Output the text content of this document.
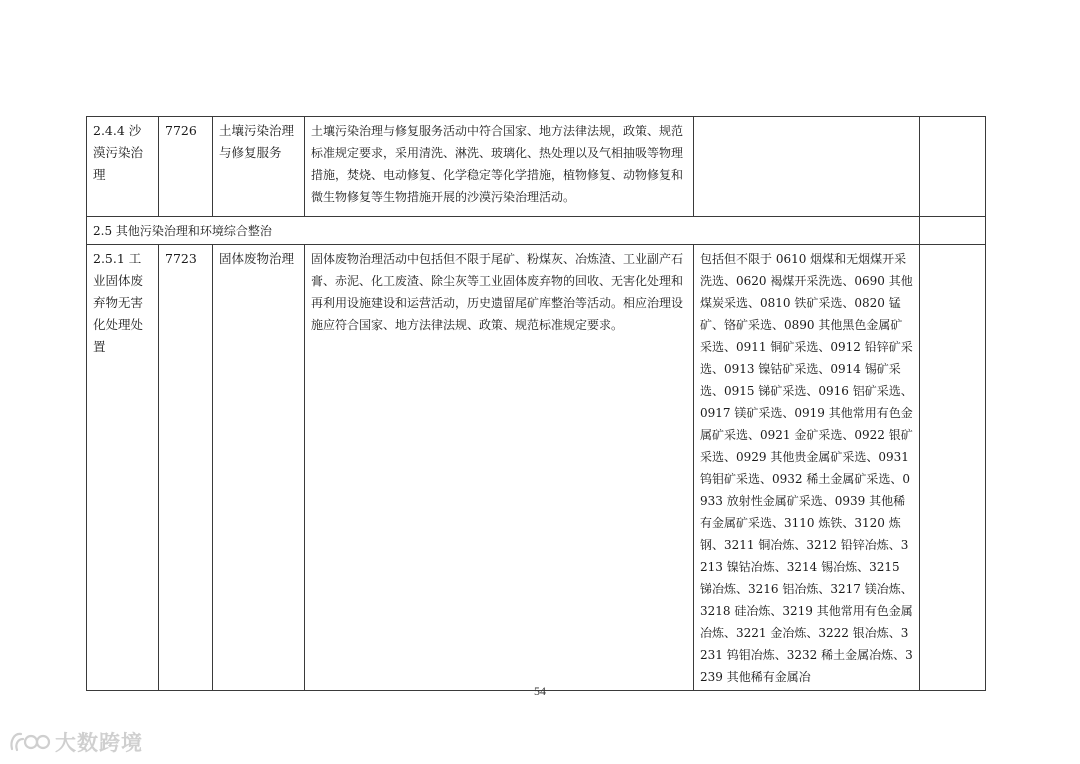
2.4.4 沙漠污染治理	7726	土壤污染治理与修复服务	土壤污染治理与修复服务活动中符合国家、地方法律法规，政策、规范标准规定要求，采用清洗、淋洗、玻璃化、热处理以及气相抽吸等物理措施，焚烧、电动修复、化学稳定等化学措施，植物修复、动物修复和微生物修复等生物措施开展的沙漠污染治理活动。		
2.5 其他污染治理和环境综合整治					
2.5.1 工业固体废弃物无害化处理处置	7723	固体废物治理	固体废物治理活动中包括但不限于尾矿、粉煤灰、冶炼渣、工业副产石膏、赤泥、化工废渣、除尘灰等工业固体废弃物的回收、无害化处理和再利用设施建设和运营活动，历史遗留尾矿库整治等活动。相应治理设施应符合国家、地方法律法规、政策、规范标准规定要求。	包括但不限于 0610 烟煤和无烟煤开采洗选、0620 褐煤开采洗选、0690 其他煤炭采选、0810 铁矿采选、0820 锰矿、铬矿采选、0890 其他黑色金属矿采选、0911 铜矿采选、0912 铅锌矿采选、0913 镍钴矿采选、0914 锡矿采选、0915 锑矿采选、0916 铝矿采选、0917 镁矿采选、0919 其他常用有色金属矿采选、0921 金矿采选、0922 银矿采选、0929 其他贵金属矿采选、0931 钨钼矿采选、0932 稀土金属矿采选、0933 放射性金属矿采选、0939 其他稀有金属矿采选、3110 炼铁、3120 炼钢、3211 铜冶炼、3212 铅锌冶炼、3213 镍钴冶炼、3214 锡冶炼、3215 锑冶炼、3216 铝冶炼、3217 镁冶炼、3218 硅冶炼、3219 其他常用有色金属冶炼、3221 金冶炼、3222 银冶炼、3231 钨钼冶炼、3232 稀土金属冶炼、3239 其他稀有金属冶	
54
大数跨境
